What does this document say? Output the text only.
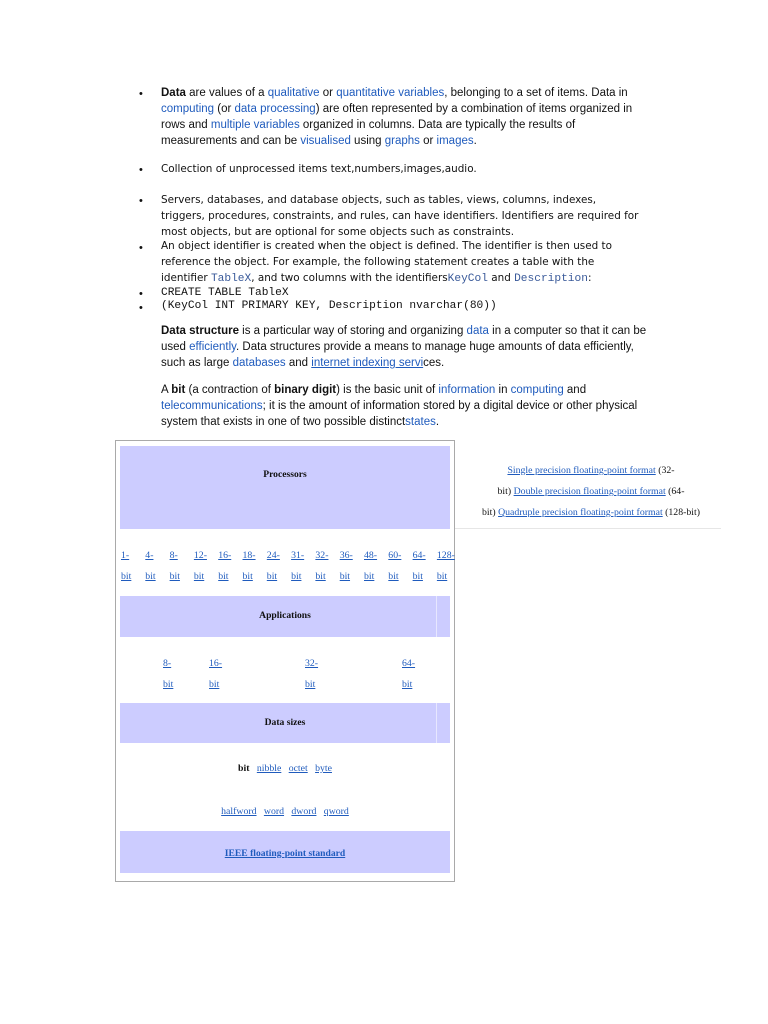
• Data are values of a qualitative or quantitative variables, belonging to a set of items. Data in computing (or data processing) are often represented by a combination of items organized in rows and multiple variables organized in columns. Data are typically the results of measurements and can be visualised using graphs or images.
• Collection of unprocessed items text,numbers,images,audio.
• Servers, databases, and database objects, such as tables, views, columns, indexes, triggers, procedures, constraints, and rules, can have identifiers. Identifiers are required for most objects, but are optional for some objects such as constraints.
• An object identifier is created when the object is defined. The identifier is then used to reference the object. For example, the following statement creates a table with the identifier TableX, and two columns with the identifiersKeyCol and Description:
• CREATE TABLE TableX
• (KeyCol INT PRIMARY KEY, Description nvarchar(80))
Data structure is a particular way of storing and organizing data in a computer so that it can be used efficiently. Data structures provide a means to manage huge amounts of data efficiently, such as large databases and internet indexing services.
A bit (a contraction of binary digit) is the basic unit of information in computing and telecommunications; it is the amount of information stored by a digital device or other physical system that exists in one of two possible distinctstates.
Processors
1-
bit
4-
bit
8-
bit
12-
bit
16-
bit
18-
bit
24-
bit
31-
bit
32-
bit
36-
bit
48-
bit
60-
bit
64-
bit
128-
bit
Applications
8-
bit
16-
bit
32-
bit
64-
bit
Data sizes
bit nibble octet byte
halfword word dword qword
IEEE floating-point standard
Single precision floating-point format (32-
bit) Double precision floating-point format (64-
bit) Quadruple precision floating-point format (128-bit)
